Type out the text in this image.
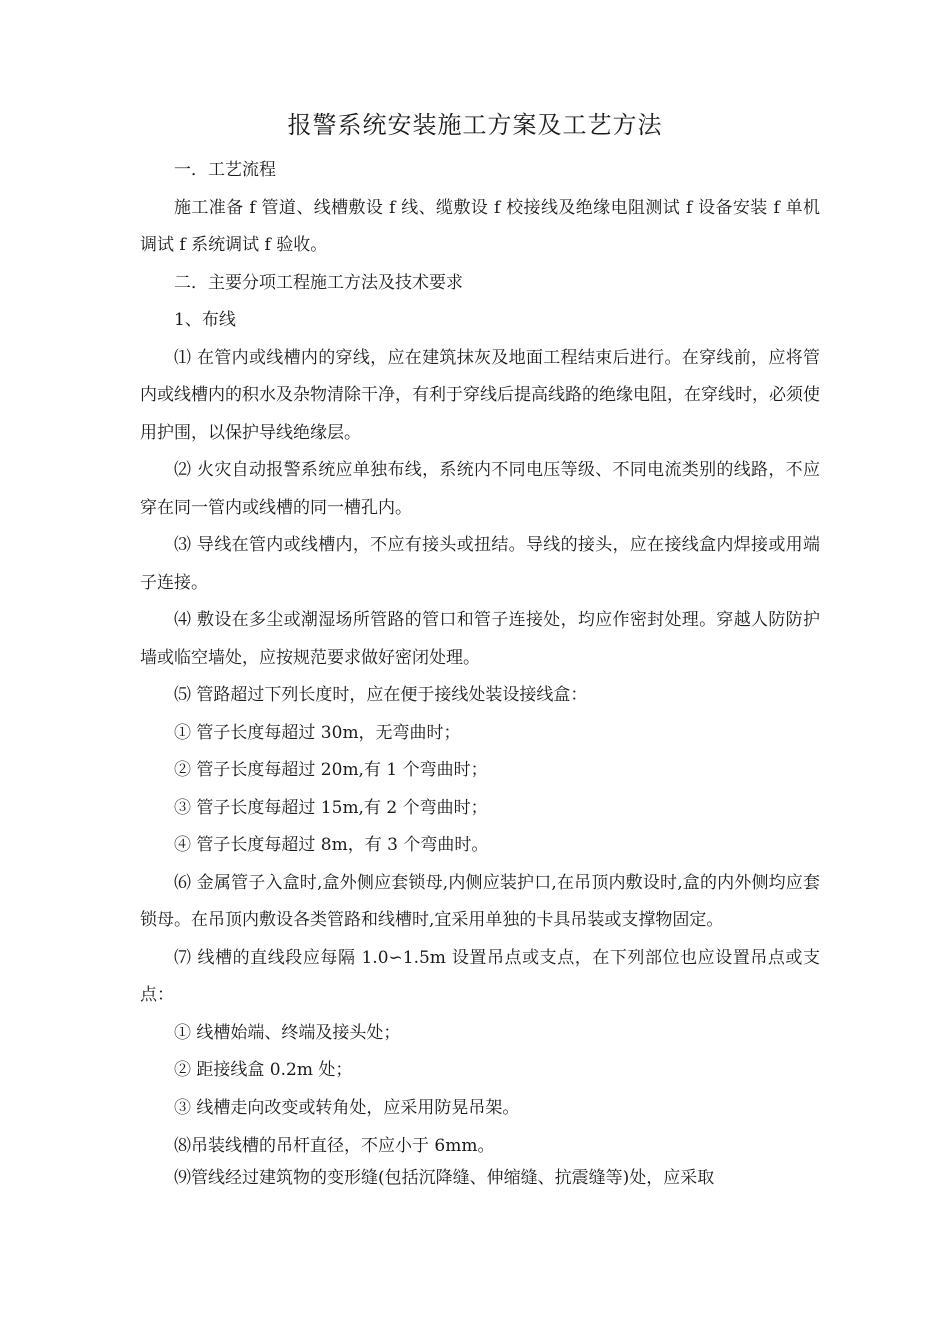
报警系统安装施工方案及工艺方法

一．工艺流程

施工准备 f 管道、线槽敷设 f 线、缆敷设 f 校接线及绝缘电阻测试 f 设备安装 f 单机调试 f 系统调试 f 验收。

二．主要分项工程施工方法及技术要求

1、布线

⑴ 在管内或线槽内的穿线，应在建筑抹灰及地面工程结束后进行。在穿线前，应将管内或线槽内的积水及杂物清除干净，有利于穿线后提高线路的绝缘电阻，在穿线时，必须使用护围，以保护导线绝缘层。

⑵ 火灾自动报警系统应单独布线，系统内不同电压等级、不同电流类别的线路，不应穿在同一管内或线槽的同一槽孔内。

⑶ 导线在管内或线槽内，不应有接头或扭结。导线的接头，应在接线盒内焊接或用端子连接。

⑷ 敷设在多尘或潮湿场所管路的管口和管子连接处，均应作密封处理。穿越人防防护墙或临空墙处，应按规范要求做好密闭处理。

⑸ 管路超过下列长度时，应在便于接线处装设接线盒：

① 管子长度每超过 30m，无弯曲时；

② 管子长度每超过 20m,有 1 个弯曲时；

③ 管子长度每超过 15m,有 2 个弯曲时；

④ 管子长度每超过 8m，有 3 个弯曲时。

⑹ 金属管子入盒时,盒外侧应套锁母,内侧应装护口,在吊顶内敷设时,盒的内外侧均应套锁母。在吊顶内敷设各类管路和线槽时,宜采用单独的卡具吊装或支撑物固定。

⑺ 线槽的直线段应每隔 1.0∽1.5m 设置吊点或支点，在下列部位也应设置吊点或支点：

① 线槽始端、终端及接头处；

② 距接线盒 0.2m 处；

③ 线槽走向改变或转角处，应采用防晃吊架。

⑻吊装线槽的吊杆直径，不应小于 6mm。

⑼管线经过建筑物的变形缝(包括沉降缝、伸缩缝、抗震缝等)处，应采取
